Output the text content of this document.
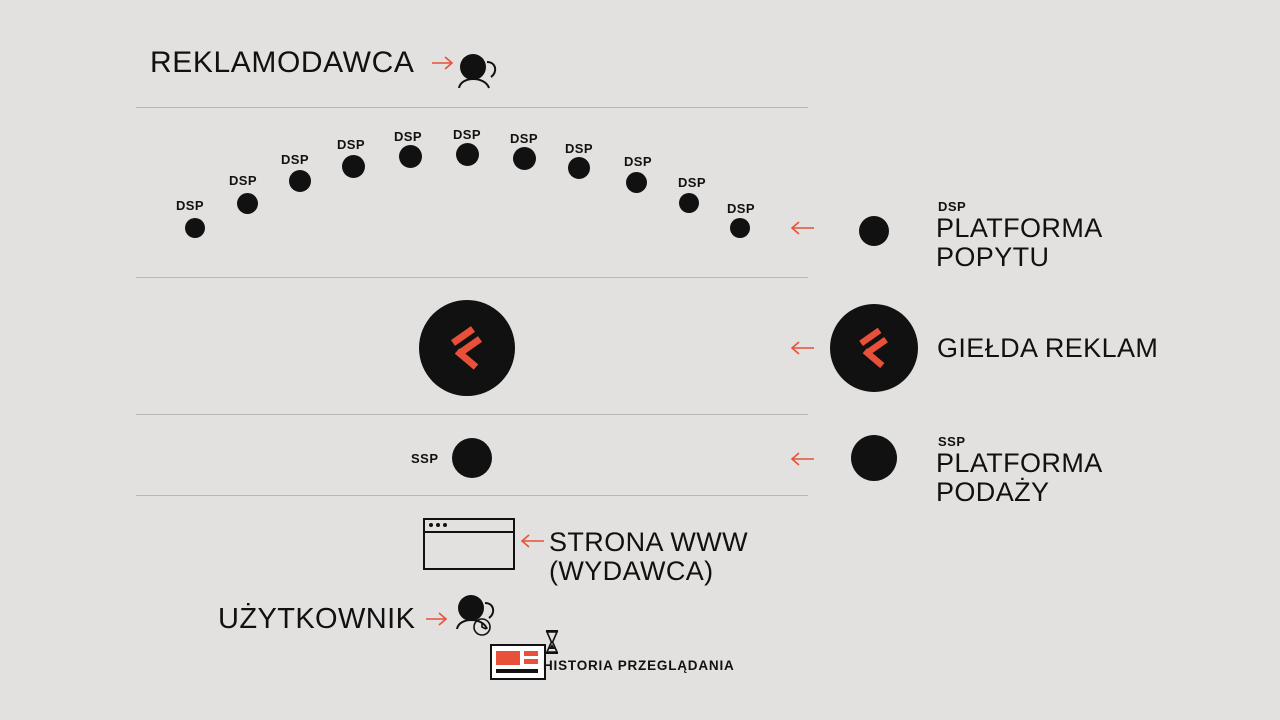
REKLAMODAWCA
DSP
DSP
DSP
DSP
DSP DSP DSP
DSP
DSP
DSP
DSP	DSP
PLATFORMA
POPYTU
GIEŁDA REKLAM
SSP
SSP
PLATFORMA
PODAŻY
STRONA WWW
(WYDAWCA)
UŻYTKOWNIK
HISTORIA PRZEGLĄDANIA
